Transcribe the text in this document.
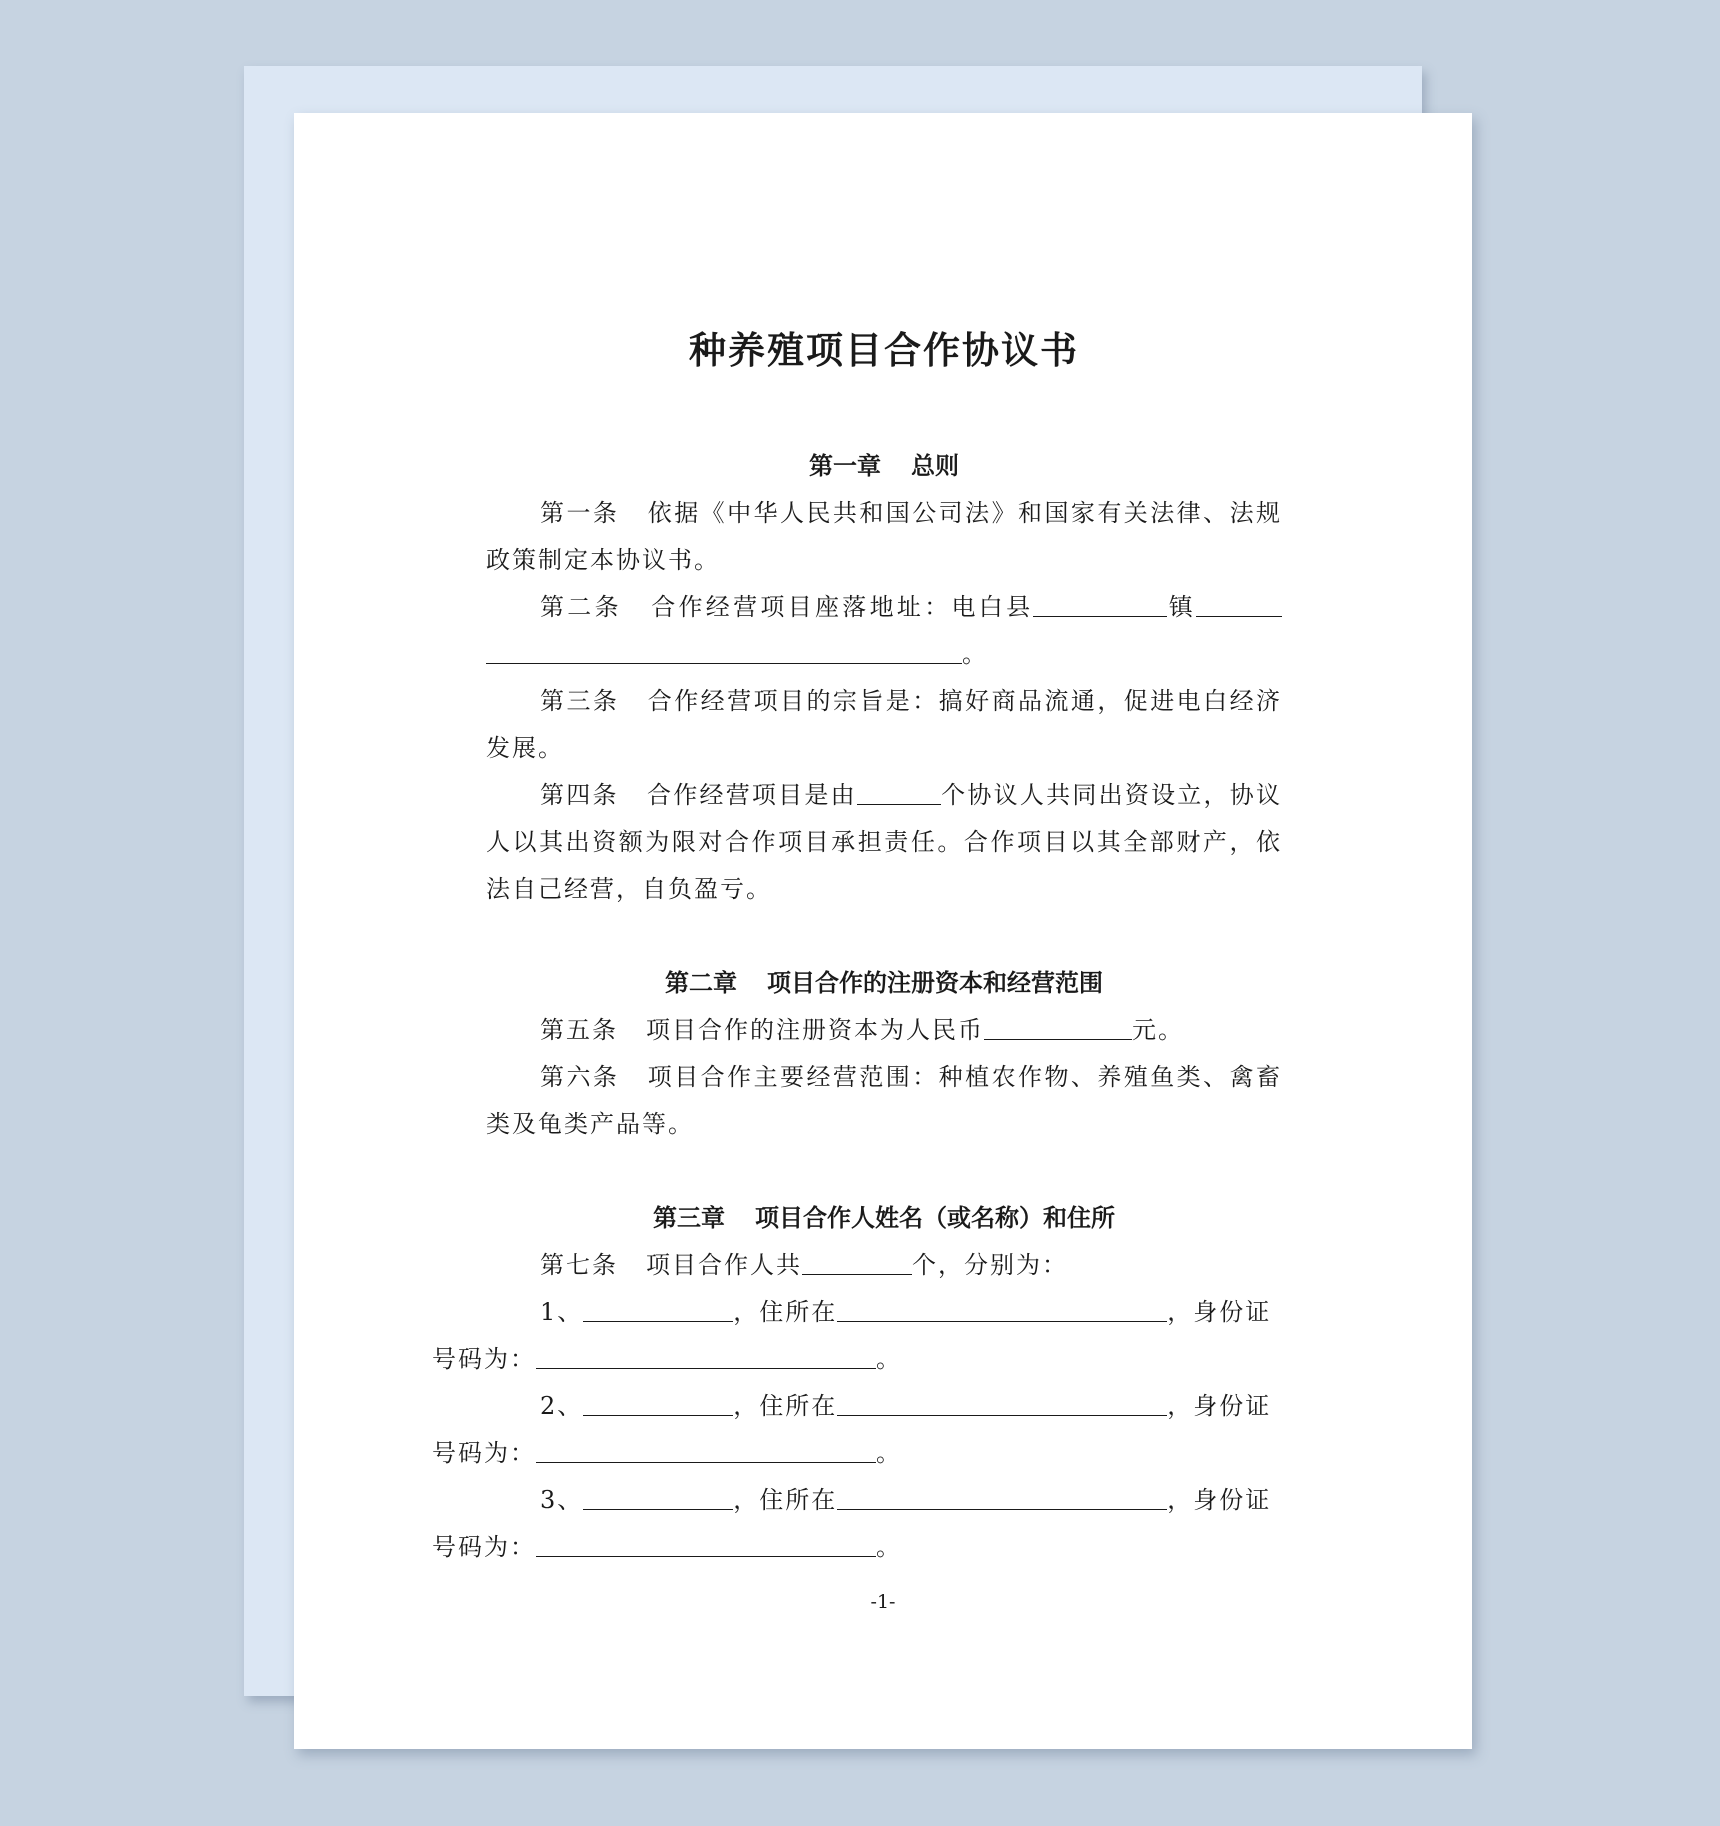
种养殖项目合作协议书
第一章 总则

第一条 依据《中华人民共和国公司法》和国家有关法律、法规政策制定本协议书。

第二条 合作经营项目座落地址：电白县	镇。

第三条 合作经营项目的宗旨是：搞好商品流通，促进电白经济发展。

第四条 合作经营项目是由	个协议人共同出资设立，协议人以其出资额为限对合作项目承担责任。合作项目以其全部财产，依法自己经营，自负盈亏。

第二章 项目合作的注册资本和经营范围

第五条 项目合作的注册资本为人民币	元。

第六条 项目合作主要经营范围：种植农作物、养殖鱼类、禽畜类及龟类产品等。

第三章 项目合作人姓名（或名称）和住所

第七条 项目合作人共	个，分别为：

1、	，住所在	，身份证
号码为：	。

2、	，住所在	，身份证
号码为：	。

3、	，住所在	，身份证
号码为：	。

-1-
